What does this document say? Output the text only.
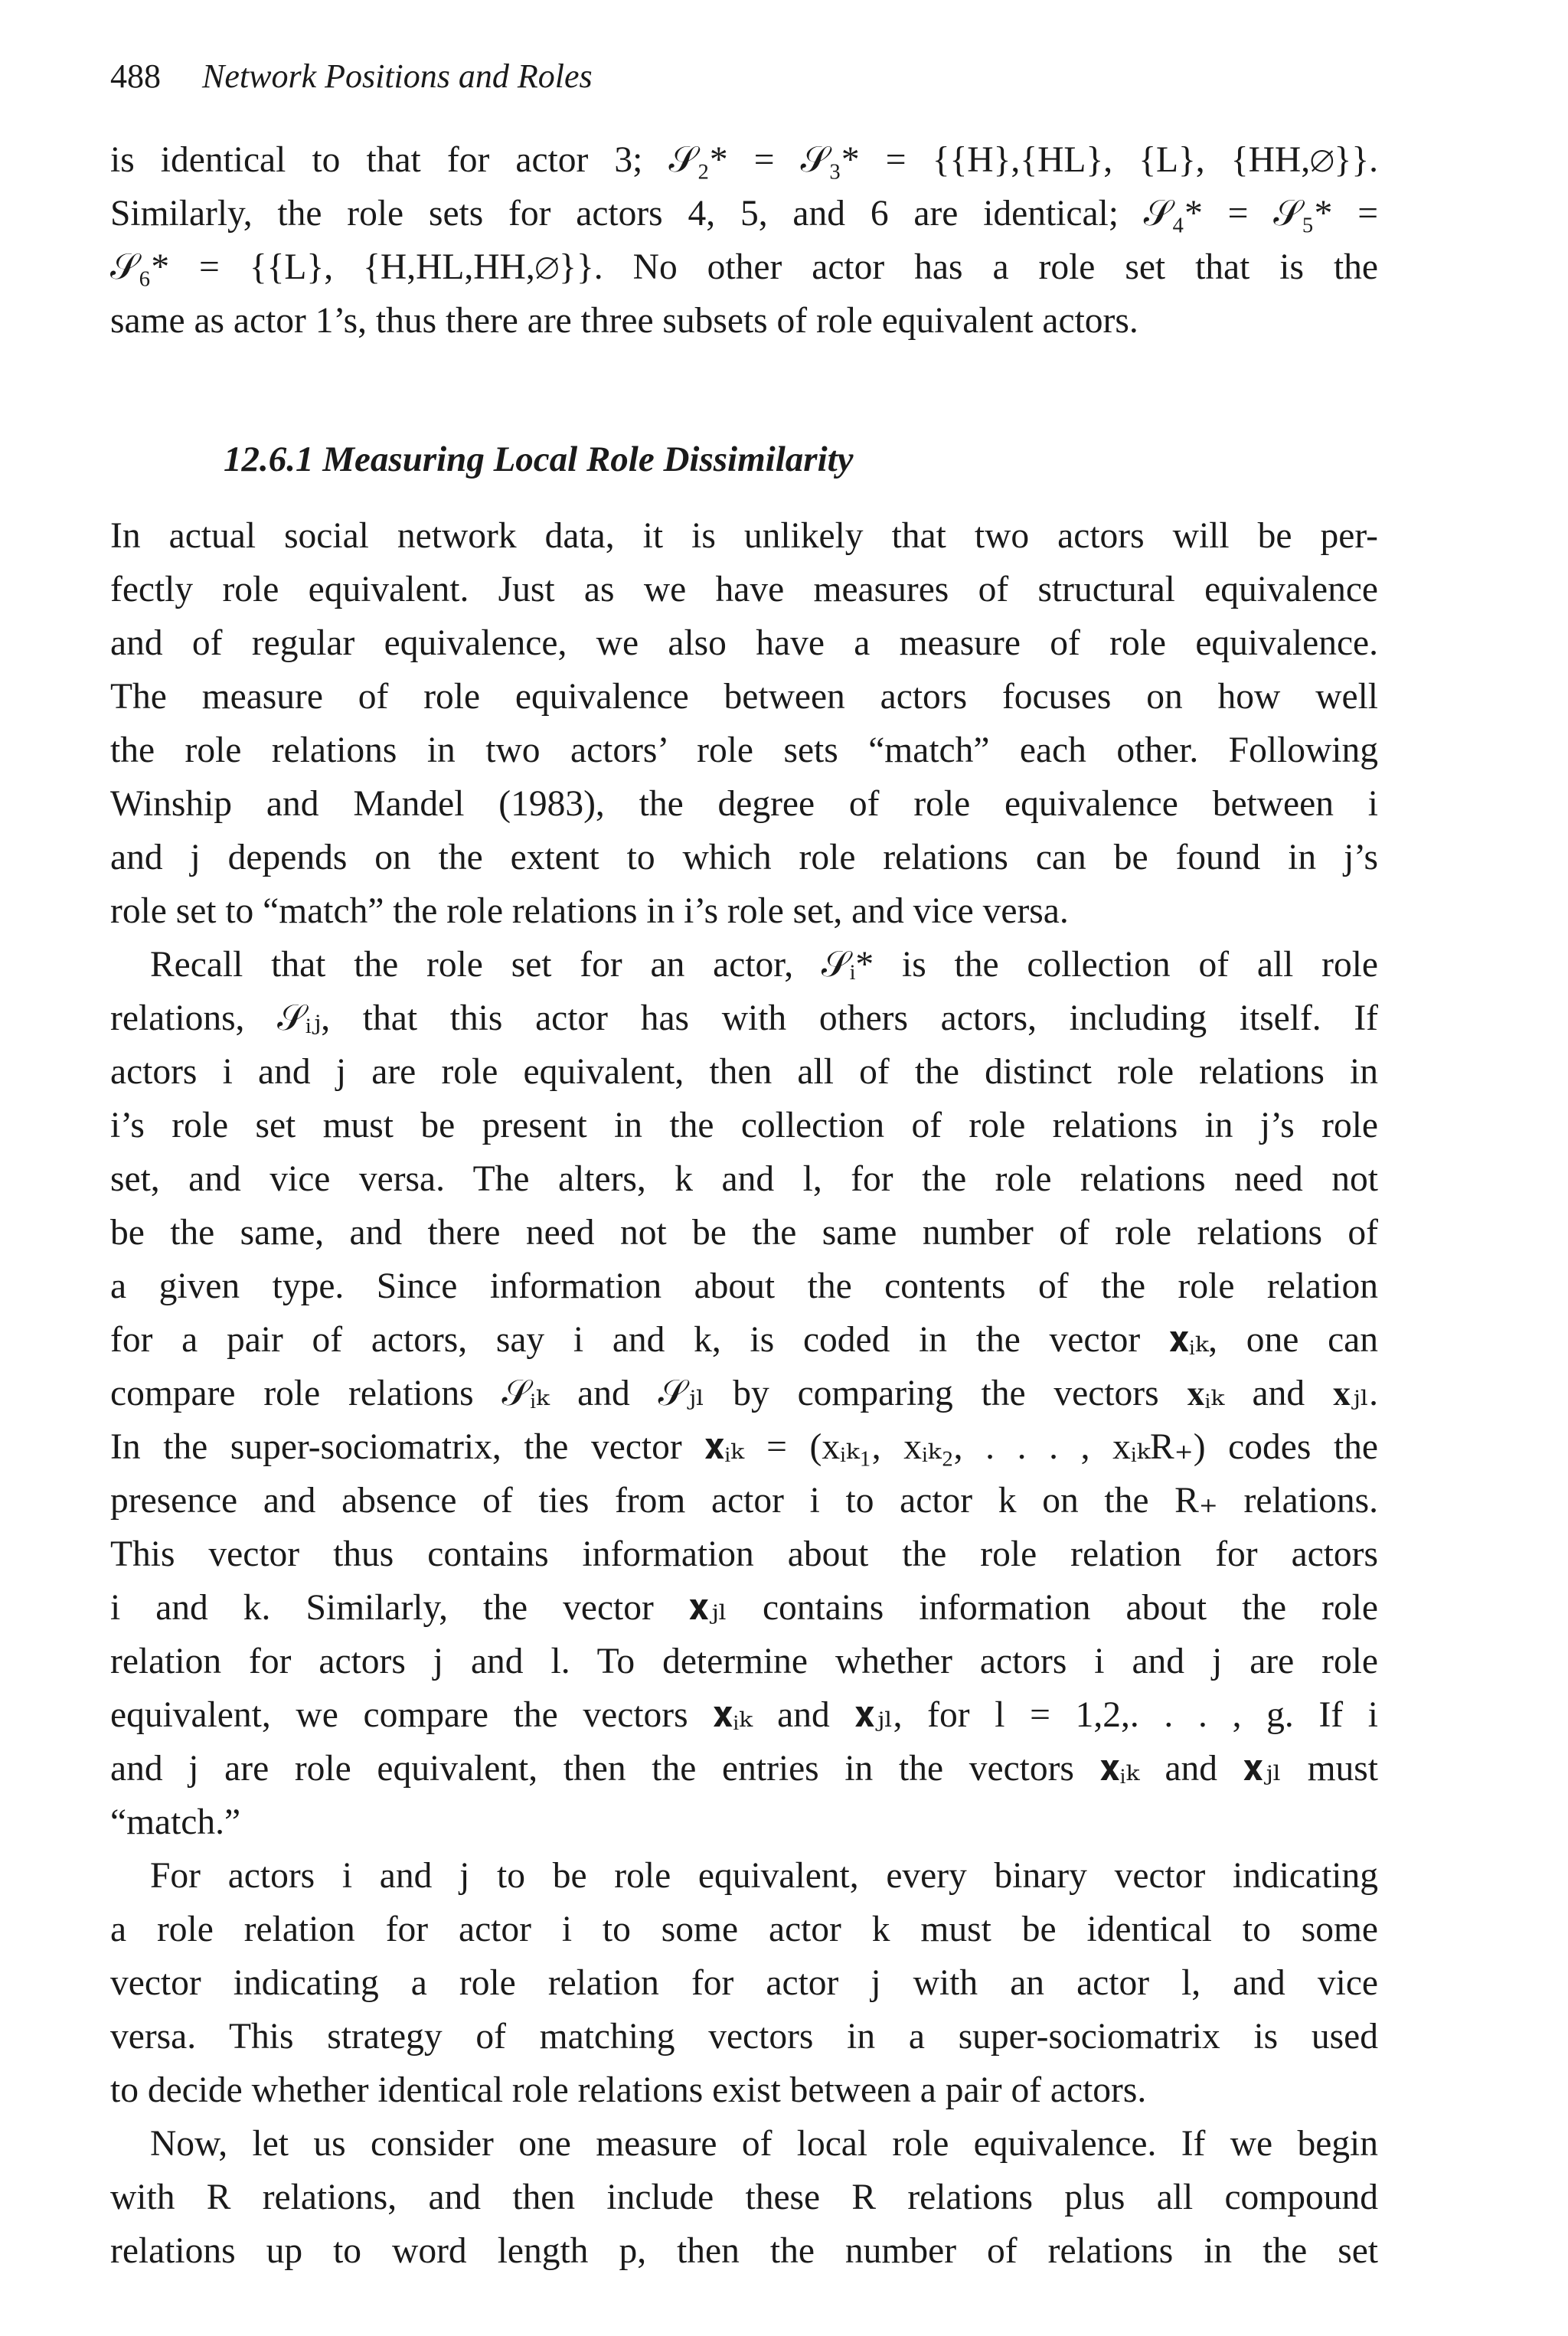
488 Network Positions and Roles
is identical to that for actor 3; 𝒮₂* = 𝒮₃* = {{H},{HL}, {L}, {HH,∅}}.
Similarly, the role sets for actors 4, 5, and 6 are identical; 𝒮₄* = 𝒮₅* =
𝒮₆* = {{L}, {H,HL,HH,∅}}. No other actor has a role set that is the
same as actor 1’s, thus there are three subsets of role equivalent actors.
12.6.1 Measuring Local Role Dissimilarity
In actual social network data, it is unlikely that two actors will be per-
fectly role equivalent. Just as we have measures of structural equivalence
and of regular equivalence, we also have a measure of role equivalence.
The measure of role equivalence between actors focuses on how well
the role relations in two actors’ role sets “match” each other. Following
Winship and Mandel (1983), the degree of role equivalence between i
and j depends on the extent to which role relations can be found in j’s
role set to “match” the role relations in i’s role set, and vice versa.
Recall that the role set for an actor, 𝒮ᵢ* is the collection of all role
relations, 𝒮ᵢⱼ, that this actor has with others actors, including itself. If
actors i and j are role equivalent, then all of the distinct role relations in
i’s role set must be present in the collection of role relations in j’s role
set, and vice versa. The alters, k and l, for the role relations need not
be the same, and there need not be the same number of role relations of
a given type. Since information about the contents of the role relation
for a pair of actors, say i and k, is coded in the vector 𝐱ᵢₖ, one can
compare role relations 𝒮ᵢₖ and 𝒮ⱼₗ by comparing the vectors 𝐱ᵢₖ and 𝐱ⱼₗ.
In the super-sociomatrix, the vector 𝐱ᵢₖ = (xᵢₖ₁, xᵢₖ₂, . . . , xᵢₖR₊) codes the
presence and absence of ties from actor i to actor k on the R₊ relations.
This vector thus contains information about the role relation for actors
i and k. Similarly, the vector 𝐱ⱼₗ contains information about the role
relation for actors j and l. To determine whether actors i and j are role
equivalent, we compare the vectors 𝐱ᵢₖ and 𝐱ⱼₗ, for l = 1,2,. . . , g. If i
and j are role equivalent, then the entries in the vectors 𝐱ᵢₖ and 𝐱ⱼₗ must
“match.”
For actors i and j to be role equivalent, every binary vector indicating
a role relation for actor i to some actor k must be identical to some
vector indicating a role relation for actor j with an actor l, and vice
versa. This strategy of matching vectors in a super-sociomatrix is used
to decide whether identical role relations exist between a pair of actors.
Now, let us consider one measure of local role equivalence. If we begin
with R relations, and then include these R relations plus all compound
relations up to word length p, then the number of relations in the set
